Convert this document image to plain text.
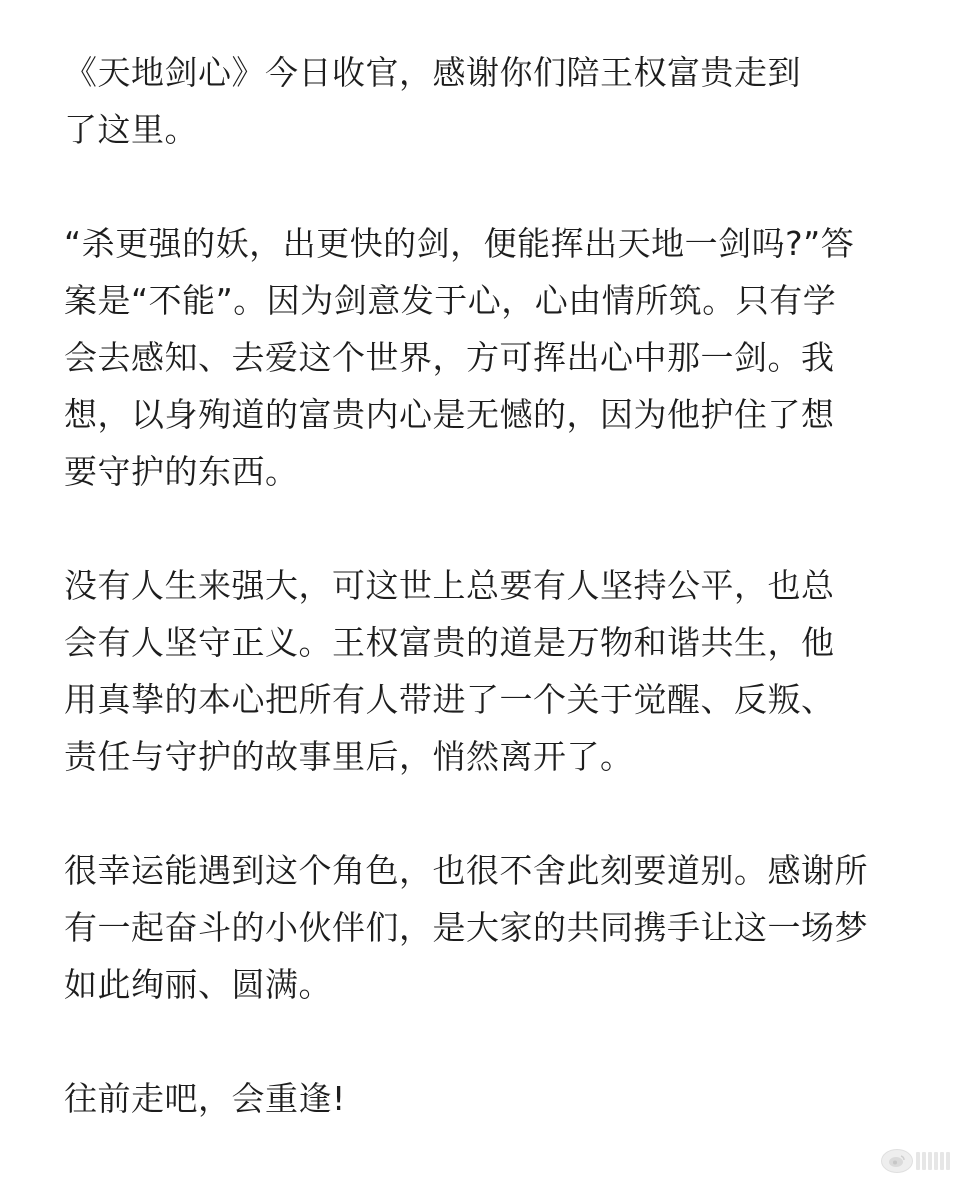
《天地剑心》今日收官，感谢你们陪王权富贵走到了这里。

“杀更强的妖，出更快的剑，便能挥出天地一剑吗?”答案是“不能”。因为剑意发于心，心由情所筑。只有学会去感知、去爱这个世界，方可挥出心中那一剑。我想，以身殉道的富贵内心是无憾的，因为他护住了想要守护的东西。

没有人生来强大，可这世上总要有人坚持公平，也总会有人坚守正义。王权富贵的道是万物和谐共生，他用真挚的本心把所有人带进了一个关于觉醒、反叛、责任与守护的故事里后，悄然离开了。

很幸运能遇到这个角色，也很不舍此刻要道别。感谢所有一起奋斗的小伙伴们，是大家的共同携手让这一场梦如此绚丽、圆满。

往前走吧，会重逢!
